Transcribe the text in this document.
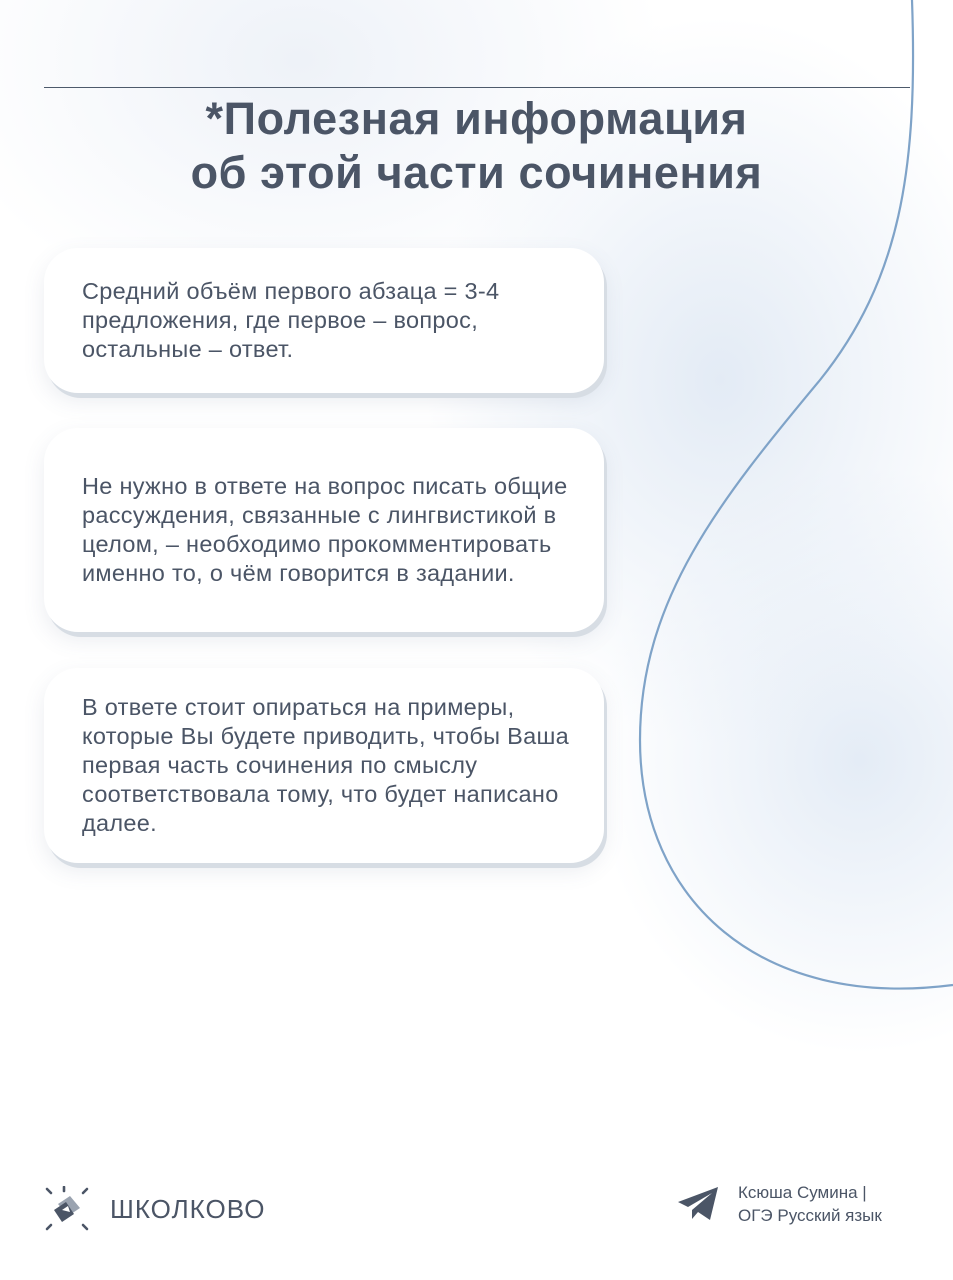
*Полезная информация
об этой части сочинения

Средний объём первого абзаца = 3-4 предложения, где первое – вопрос, остальные – ответ.

Не нужно в ответе на вопрос писать общие рассуждения, связанные с лингвистикой в целом, – необходимо прокомментировать именно то, о чём говорится в задании.

В ответе стоит опираться на примеры, которые Вы будете приводить, чтобы Ваша первая часть сочинения по смыслу соответствовала тому, что будет написано далее.

ШКОЛКОВО
Ксюша Сумина |
ОГЭ Русский язык
